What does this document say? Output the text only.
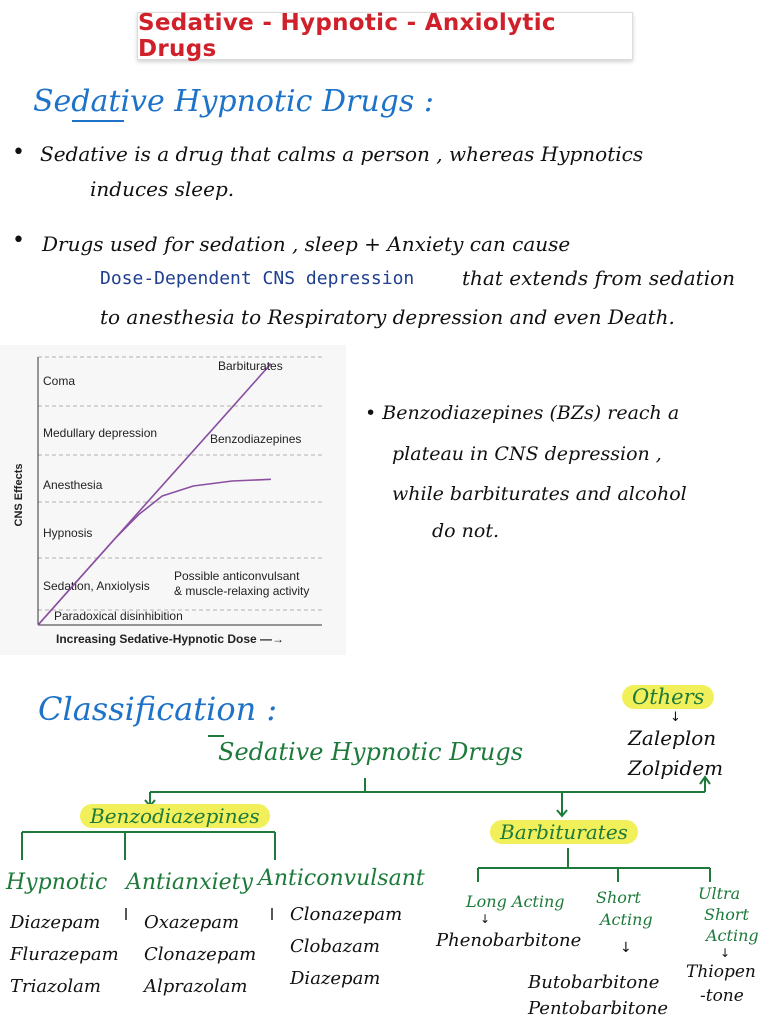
Sedative - Hypnotic - Anxiolytic Drugs
Sedative Hypnotic Drugs :
• Sedative is a drug that calms a person , whereas Hypnotics
induces sleep.
• Drugs used for sedation , sleep + Anxiety can cause
Dose-Dependent CNS depression that extends from sedation
to anesthesia to Respiratory depression and even Death.
Coma
Medullary depression
Anesthesia
Hypnosis
Sedation, Anxiolysis
Paradoxical disinhibition
Possible anticonvulsant
& muscle-relaxing activity
CNS Effects
Increasing Sedative-Hypnotic Dose —→
Barbiturates
Benzodiazepines
• Benzodiazepines (BZs) reach a
plateau in CNS depression ,
while barbiturates and alcohol
do not.
Classification :
Sedative Hypnotic Drugs
Others
↓
Zaleplon
Zolpidem
Benzodiazepines
Barbiturates
Hypnotic Antianxiety Anticonvulsant
Diazepam
Flurazepam
Triazolam
Oxazepam
Clonazepam
Alprazolam
Clonazepam
Clobazam
Diazepam
Long Acting
↓
Phenobarbitone
Short
Acting
↓
Butobarbitone
Pentobarbitone
Ultra
Short
Acting
↓
Thiopen
-tone
